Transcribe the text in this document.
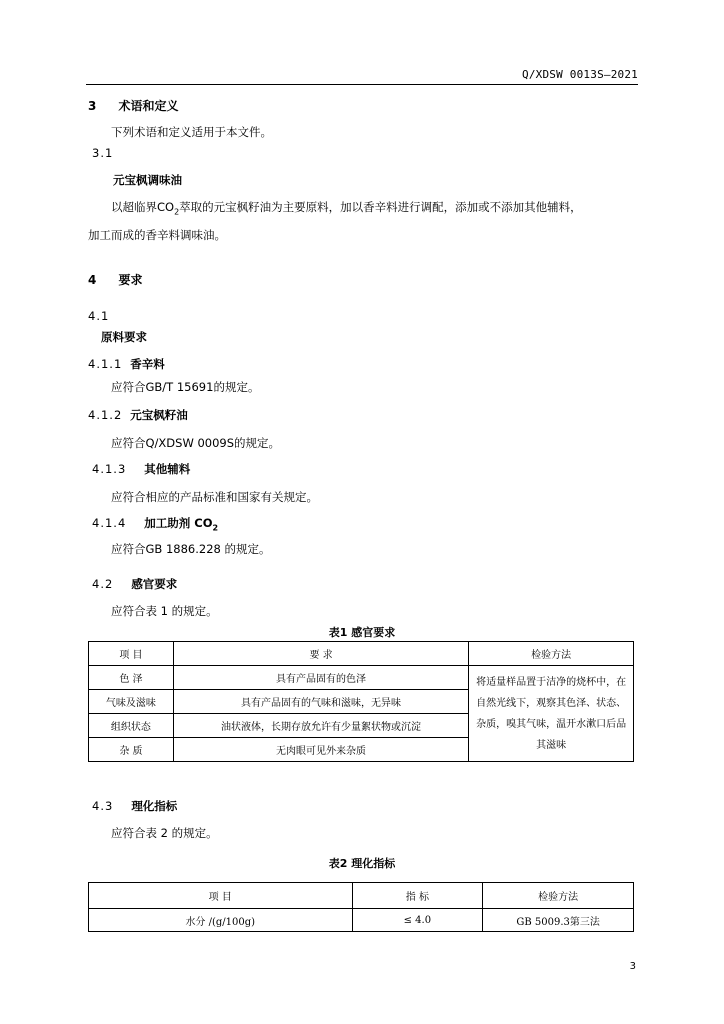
Q/XDSW 0013S—2021
3 术语和定义
下列术语和定义适用于本文件。
3.1
元宝枫调味油
以超临界$CO_2$萃取的元宝枫籽油为主要原料，加以香辛料进行调配，添加或不添加其他辅料，
加工而成的香辛料调味油。
4 要求
4.1
原料要求
4.1.1 香辛料
应符合GB/T 15691的规定。
4.1.2 元宝枫籽油
应符合Q/XDSW 0009S的规定。
4.1.3 其他辅料
应符合相应的产品标准和国家有关规定。
4.1.4 加工助剂 $CO_2$
应符合GB 1886.228 的规定。
4.2 感官要求
应符合表 1 的规定。
表1 感官要求
项 目	要 求	检验方法
色 泽	具有产品固有的色泽	将适量样品置于洁净的烧杯中，在自然光线下，观察其色泽、状态、杂质，嗅其气味，温开水漱口后品其滋味
气味及滋味	具有产品固有的气味和滋味，无异味	
组织状态	油状液体，长期存放允许有少量絮状物或沉淀	
杂 质	无肉眼可见外来杂质	
4.3 理化指标
应符合表 2 的规定。
表2 理化指标
项 目	指 标	检验方法
水分 /(g/100g)	≤ 4.0	GB 5009.3第三法
3
